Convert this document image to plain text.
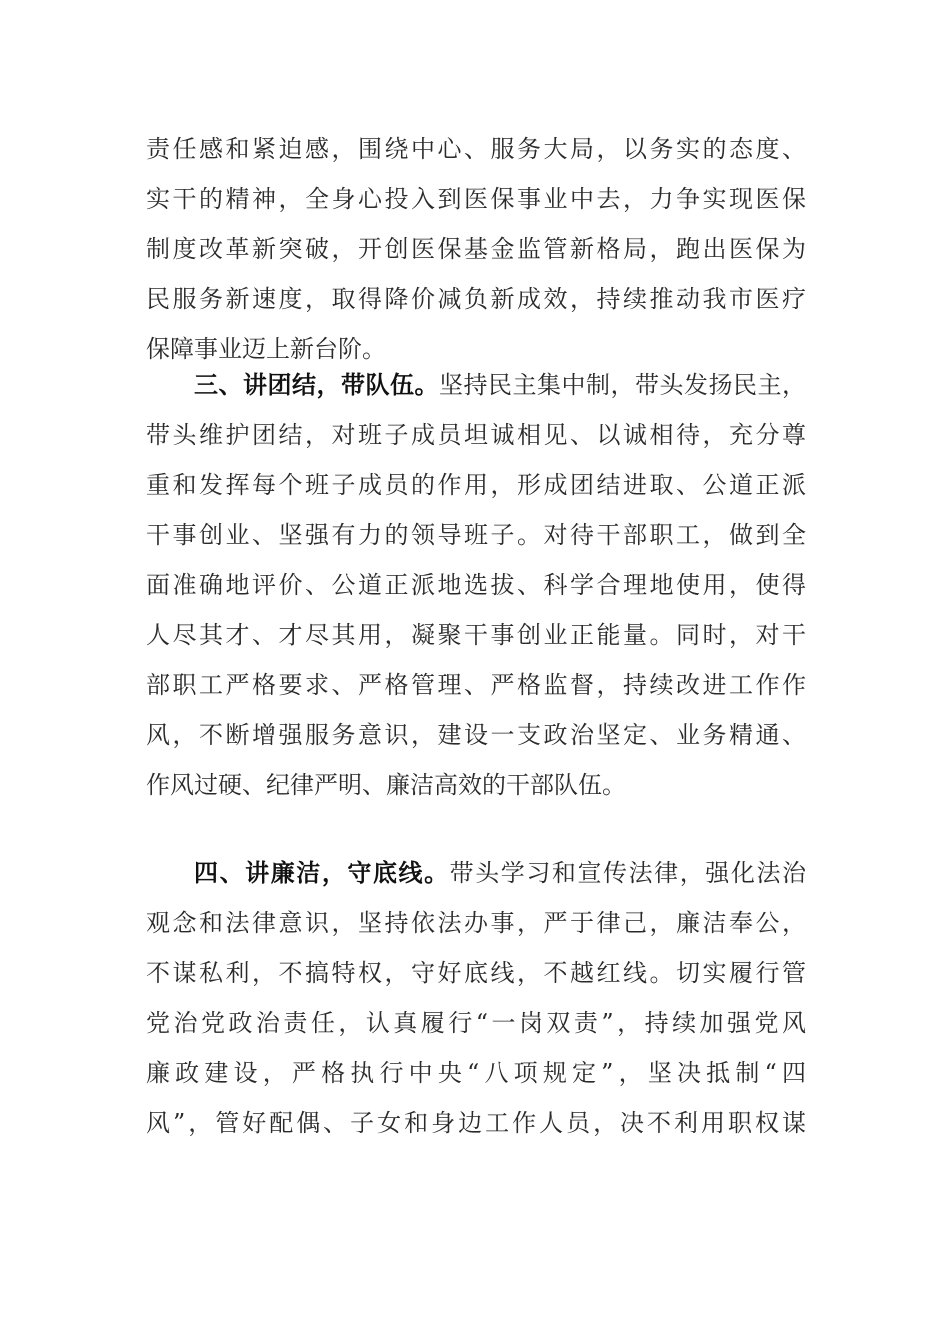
责任感和紧迫感，围绕中心、服务大局，以务实的态度、
实干的精神，全身心投入到医保事业中去，力争实现医保
制度改革新突破，开创医保基金监管新格局，跑出医保为
民服务新速度，取得降价减负新成效，持续推动我市医疗
保障事业迈上新台阶。
三、讲团结，带队伍。坚持民主集中制，带头发扬民主，
带头维护团结，对班子成员坦诚相见、以诚相待，充分尊
重和发挥每个班子成员的作用，形成团结进取、公道正派
干事创业、坚强有力的领导班子。对待干部职工，做到全
面准确地评价、公道正派地选拔、科学合理地使用，使得
人尽其才、才尽其用，凝聚干事创业正能量。同时，对干
部职工严格要求、严格管理、严格监督，持续改进工作作
风，不断增强服务意识，建设一支政治坚定、业务精通、
作风过硬、纪律严明、廉洁高效的干部队伍。
四、讲廉洁，守底线。带头学习和宣传法律，强化法治
观念和法律意识，坚持依法办事，严于律己，廉洁奉公，
不谋私利，不搞特权，守好底线，不越红线。切实履行管
党治党政治责任，认真履行“一岗双责”，持续加强党风
廉政建设，严格执行中央“八项规定”，坚决抵制“四
风”，管好配偶、子女和身边工作人员，决不利用职权谋
